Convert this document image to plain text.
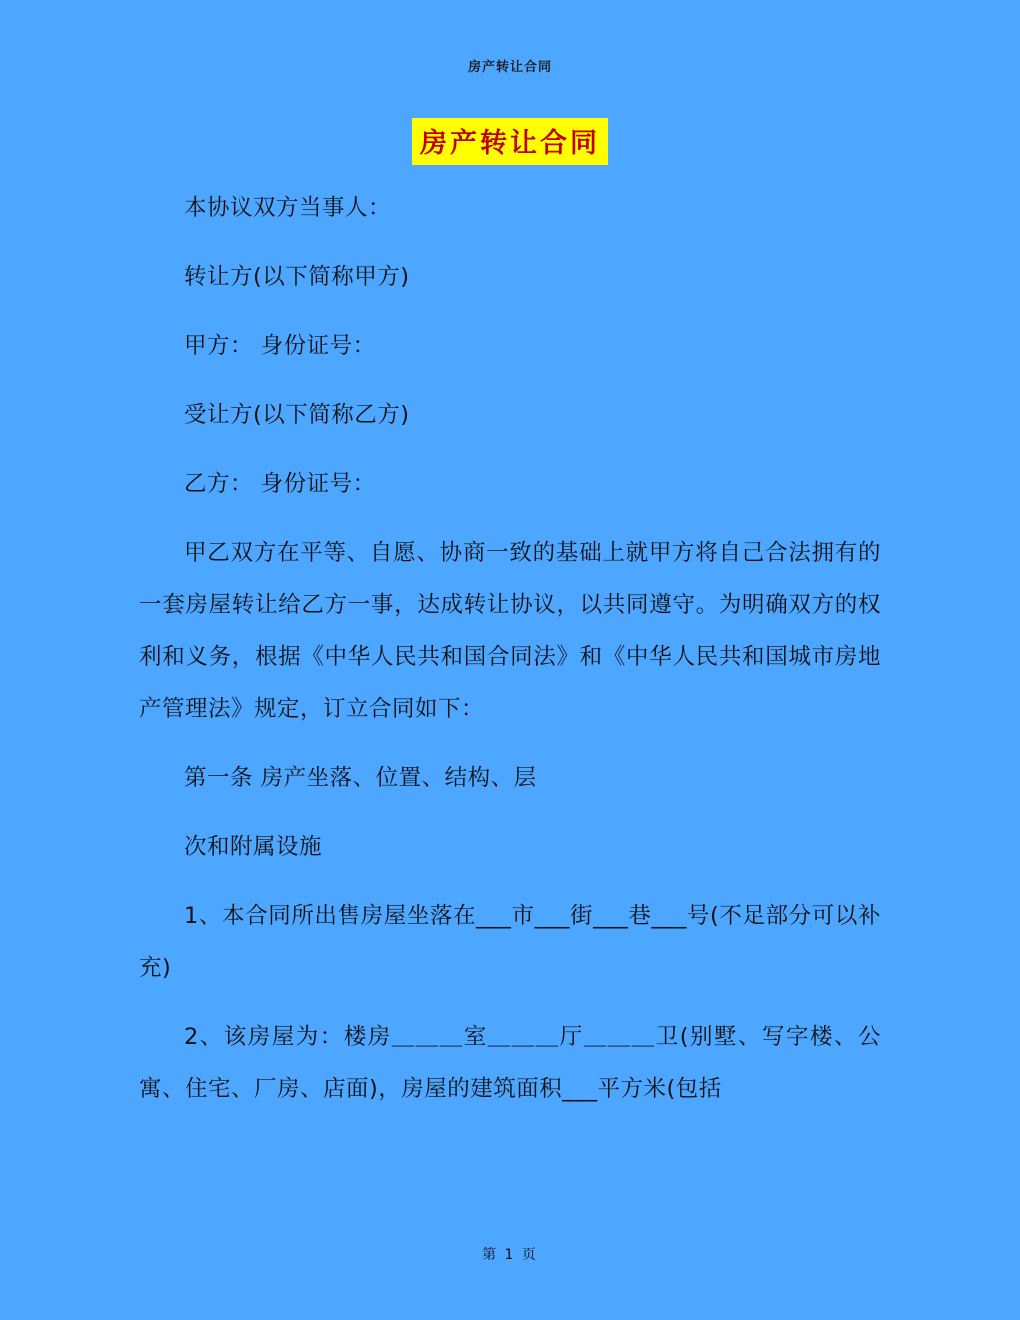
房产转让合同
房产转让合同

本协议双方当事人：

转让方(以下简称甲方)

甲方： 身份证号：

受让方(以下简称乙方)

乙方： 身份证号：

甲乙双方在平等、自愿、协商一致的基础上就甲方将自己合法拥有的一套房屋转让给乙方一事，达成转让协议，以共同遵守。为明确双方的权利和义务，根据《中华人民共和国合同法》和《中华人民共和国城市房地产管理法》规定，订立合同如下：

第一条 房产坐落、位置、结构、层

次和附属设施

1、本合同所出售房屋坐落在___市___街___巷___号(不足部分可以补充)

2、该房屋为：楼房＿＿＿室＿＿＿厅＿＿＿卫(别墅、写字楼、公寓、住宅、厂房、店面)，房屋的建筑面积___平方米(包括

第 1 页
